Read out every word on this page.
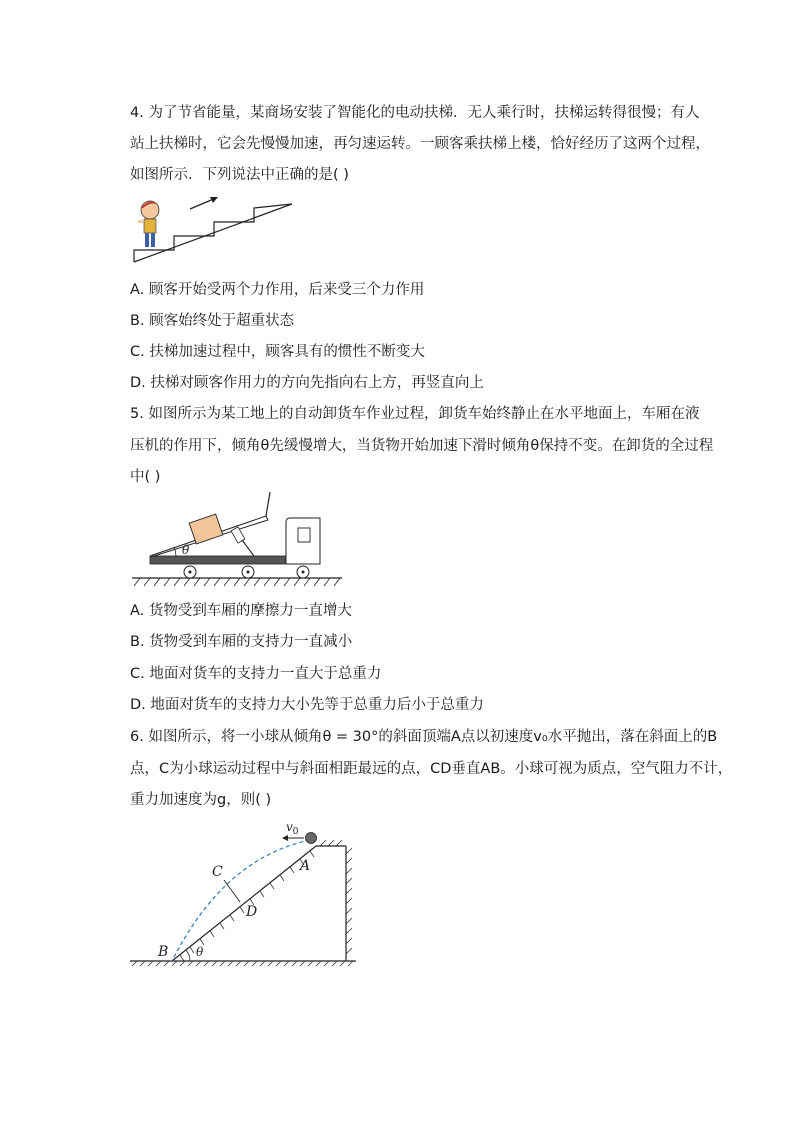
4. 为了节省能量，某商场安装了智能化的电动扶梯．无人乘行时，扶梯运转得很慢；有人
站上扶梯时，它会先慢慢加速，再匀速运转。一顾客乘扶梯上楼，恰好经历了这两个过程，
如图所示．下列说法中正确的是( )
A. 顾客开始受两个力作用，后来受三个力作用
B. 顾客始终处于超重状态
C. 扶梯加速过程中，顾客具有的惯性不断变大
D. 扶梯对顾客作用力的方向先指向右上方，再竖直向上
5. 如图所示为某工地上的自动卸货车作业过程，卸货车始终静止在水平地面上，车厢在液
压机的作用下，倾角θ先缓慢增大，当货物开始加速下滑时倾角θ保持不变。在卸货的全过程
中( )
θ
A. 货物受到车厢的摩擦力一直增大
B. 货物受到车厢的支持力一直减小
C. 地面对货车的支持力一直大于总重力
D. 地面对货车的支持力大小先等于总重力后小于总重力
6. 如图所示，将一小球从倾角θ = 30°的斜面顶端A点以初速度v₀水平抛出，落在斜面上的B
点，C为小球运动过程中与斜面相距最远的点，CD垂直AB。小球可视为质点，空气阻力不计，
重力加速度为g，则( )
$v_0$
A
B
C
D
θ
